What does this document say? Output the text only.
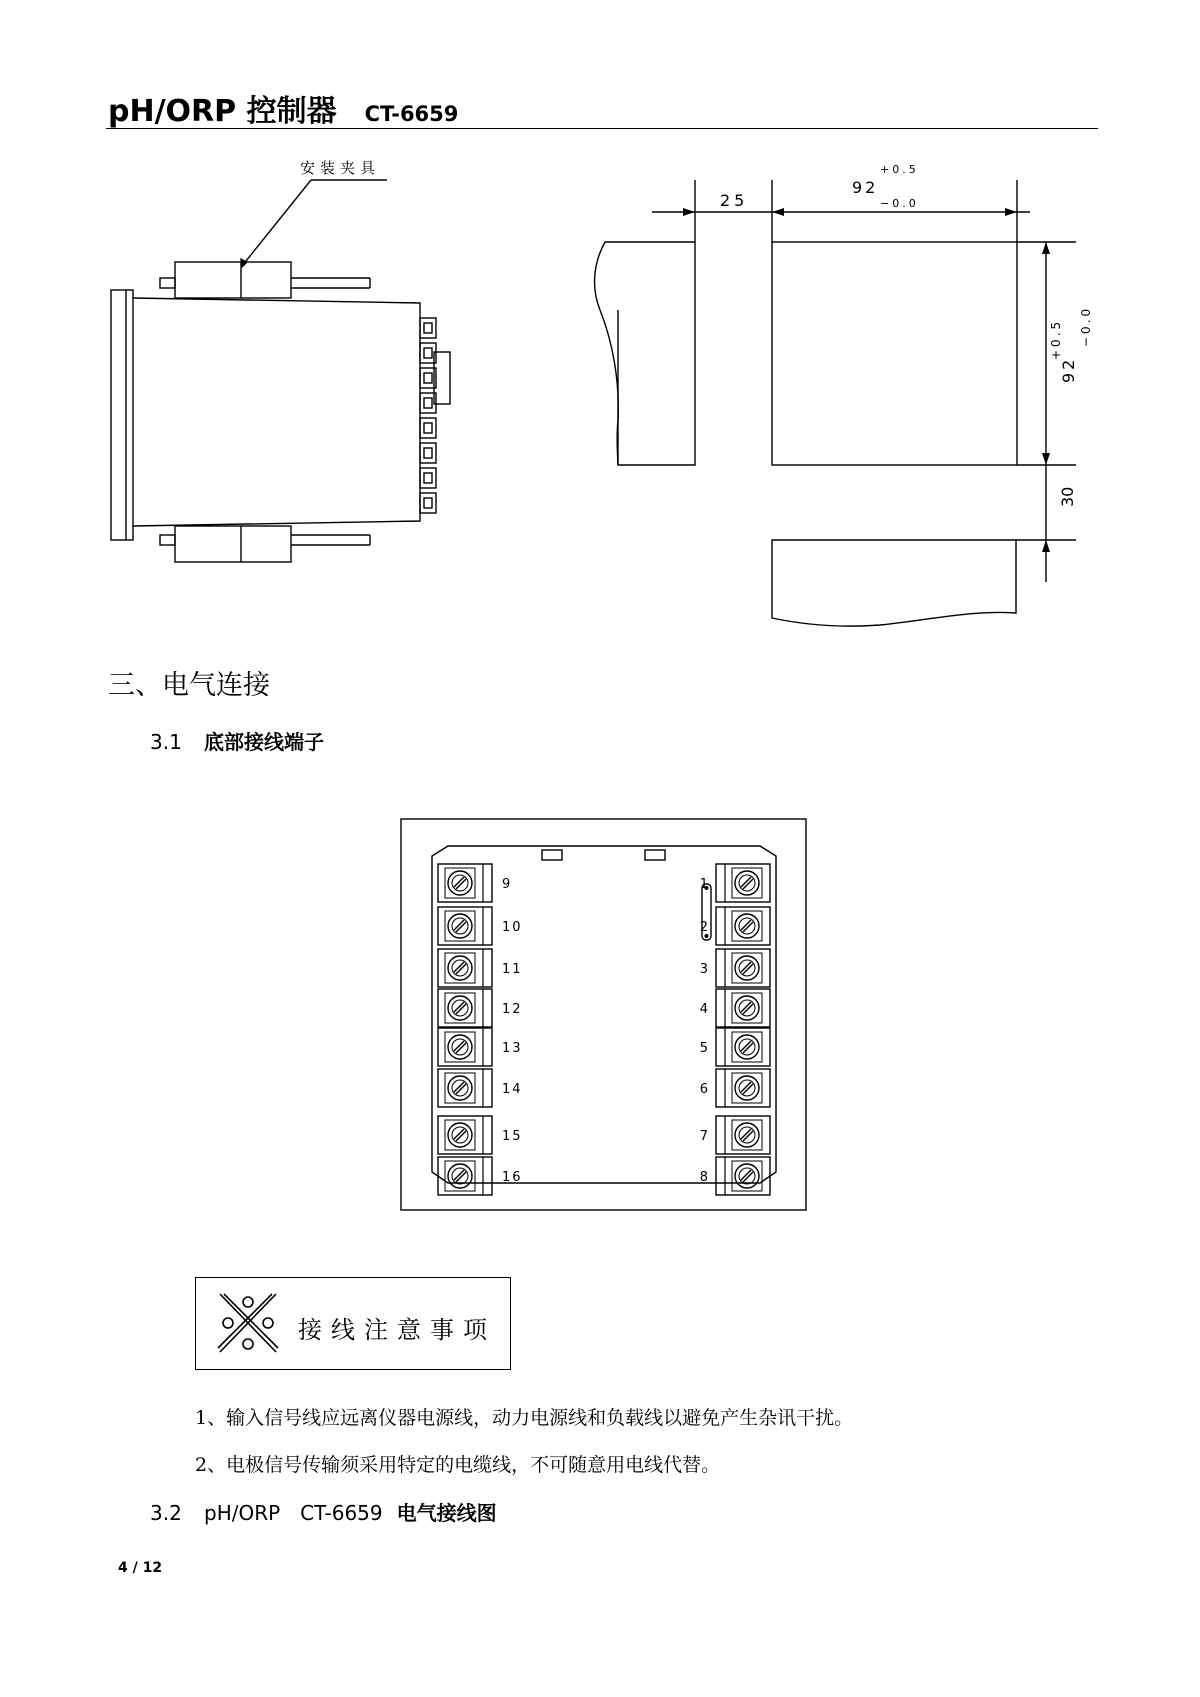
pH/ORP 控制器 CT-6659
安装夹具
25
92
+0.5
−0.0
92
+0.5 −0.0
30
三、电气连接
3.1 底部接线端子
9
10
11
12
13
14
15
16
1
2
3
4
5
6
7
8
接线注意事项
1、输入信号线应远离仪器电源线，动力电源线和负载线以避免产生杂讯干扰。
2、电极信号传输须采用特定的电缆线，不可随意用电线代替。
3.2 pH/ORP　CT-6659 电气接线图
4 / 12
